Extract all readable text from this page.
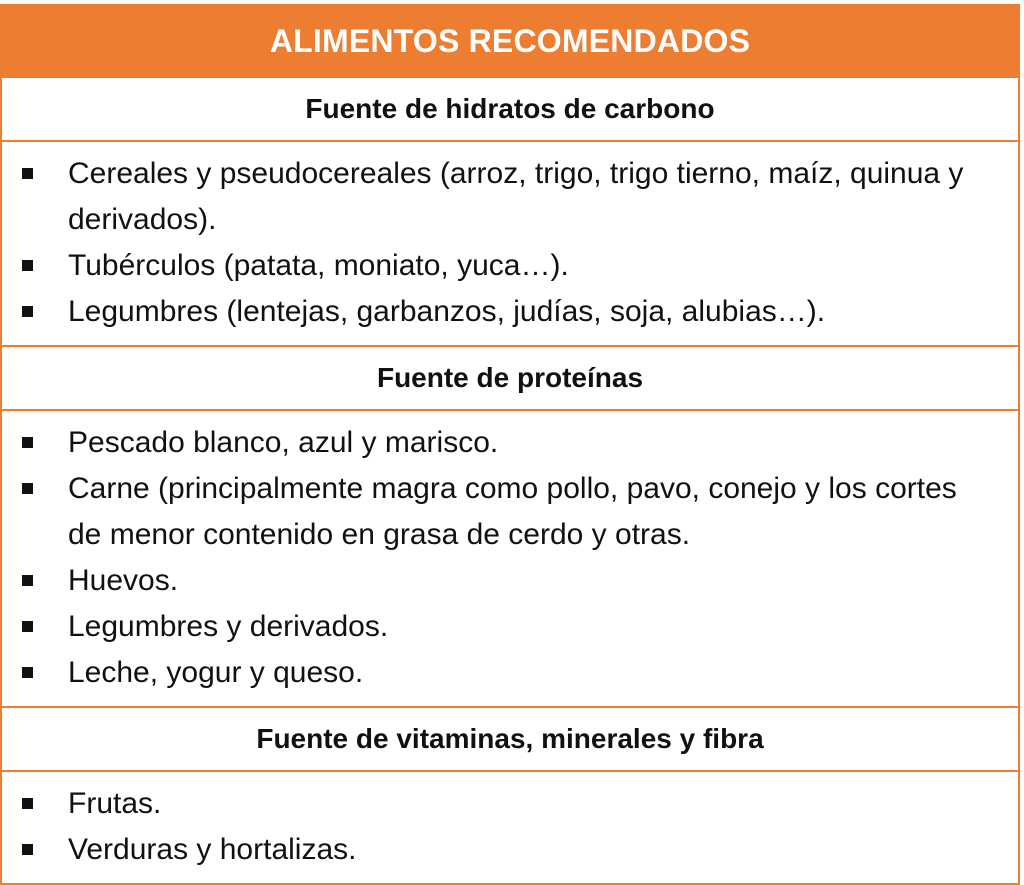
ALIMENTOS RECOMENDADOS
Fuente de hidratos de carbono
Cereales y pseudocereales (arroz, trigo, trigo tierno, maíz, quinua y derivados).
Tubérculos (patata, moniato, yuca…).
Legumbres (lentejas, garbanzos, judías, soja, alubias…).
Fuente de proteínas
Pescado blanco, azul y marisco.
Carne (principalmente magra como pollo, pavo, conejo y los cortes de menor contenido en grasa de cerdo y otras.
Huevos.
Legumbres y derivados.
Leche, yogur y queso.
Fuente de vitaminas, minerales y fibra
Frutas.
Verduras y hortalizas.
